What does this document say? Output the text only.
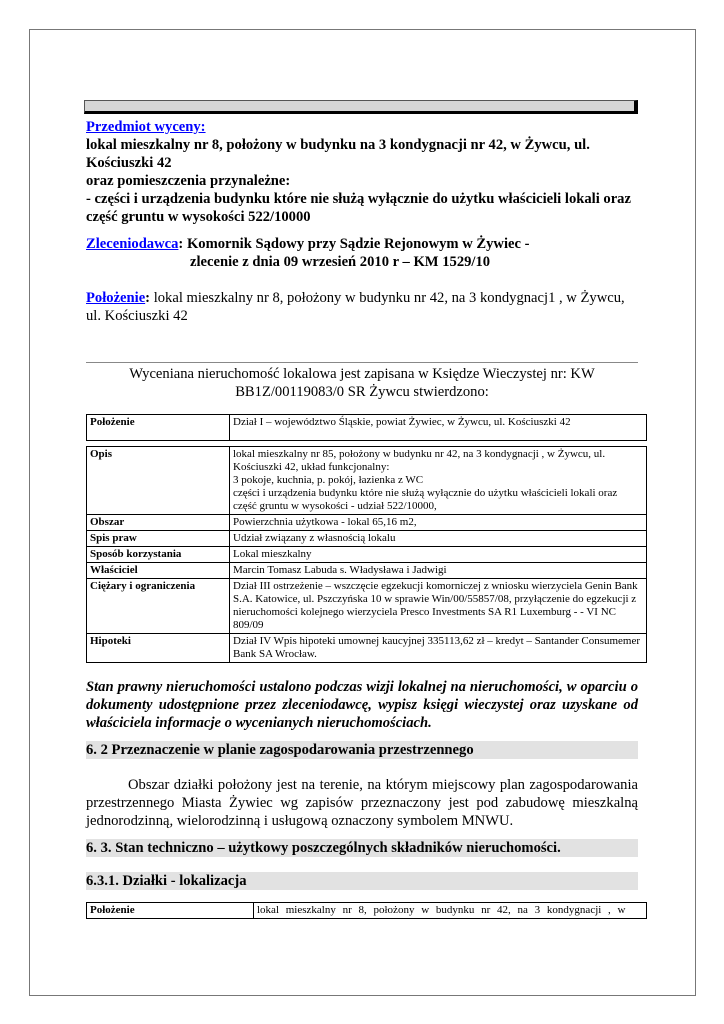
Przedmiot wyceny:
lokal mieszkalny nr 8, położony w budynku na 3 kondygnacji nr 42, w Żywcu, ul. Kościuszki 42
oraz pomieszczenia przynależne:
- części i urządzenia budynku które nie służą wyłącznie do użytku właścicieli lokali oraz część gruntu w wysokości 522/10000
Zleceniodawca: Komornik Sądowy przy Sądzie Rejonowym w Żywiec -
zlecenie z dnia 09 wrzesień 2010 r – KM 1529/10
Położenie: lokal mieszkalny nr 8, położony w budynku nr 42, na 3 kondygnacj1 , w Żywcu, ul. Kościuszki 42
Wyceniana nieruchomość lokalowa jest zapisana w Księdze Wieczystej nr: KW BB1Z/00119083/0 SR Żywcu stwierdzono:
Położenie	Dział I – województwo Śląskie, powiat Żywiec, w Żywcu, ul. Kościuszki 42

Opis	lokal mieszkalny nr 85, położony w budynku nr 42, na 3 kondygnacji , w Żywcu, ul. Kościuszki 42, układ funkcjonalny:
3 pokoje, kuchnia, p. pokój, łazienka z WC
części i urządzenia budynku które nie służą wyłącznie do użytku właścicieli lokali oraz część gruntu w wysokości - udział 522/10000,

Obszar	Powierzchnia użytkowa - lokal 65,16 m2,
Spis praw	Udział związany z własnością lokalu
Sposób korzystania	Lokal mieszkalny
Właściciel	Marcin Tomasz Labuda s. Władysława i Jadwigi
Ciężary i ograniczenia	Dział III ostrzeżenie – wszczęcie egzekucji komorniczej z wniosku wierzyciela Genin Bank S.A. Katowice, ul. Pszczyńska 10 w sprawie Win/00/55857/08, przyłączenie do egzekucji z nieruchomości kolejnego wierzyciela Presco Investments SA R1 Luxemburg - - VI NC 809/09
Hipoteki	Dział IV Wpis hipoteki umownej kaucyjnej 335113,62 zł – kredyt – Santander Consumemer Bank SA Wrocław.
Stan prawny nieruchomości ustalono podczas wizji lokalnej na nieruchomości, w oparciu o dokumenty udostępnione przez zleceniodawcę, wypisz księgi wieczystej oraz uzyskane od właściciela informacje o wycenianych nieruchomościach.
6. 2 Przeznaczenie w planie zagospodarowania przestrzennego
Obszar działki położony jest na terenie, na którym miejscowy plan zagospodarowania przestrzennego Miasta Żywiec wg zapisów przeznaczony jest pod zabudowę mieszkalną jednorodzinną, wielorodzinną i usługową oznaczony symbolem MNWU.
6. 3. Stan techniczno – użytkowy poszczególnych składników nieruchomości.
6.3.1. Działki - lokalizacja
Położenie	lokal mieszkalny nr 8, położony w budynku nr 42, na 3 kondygnacji , w
